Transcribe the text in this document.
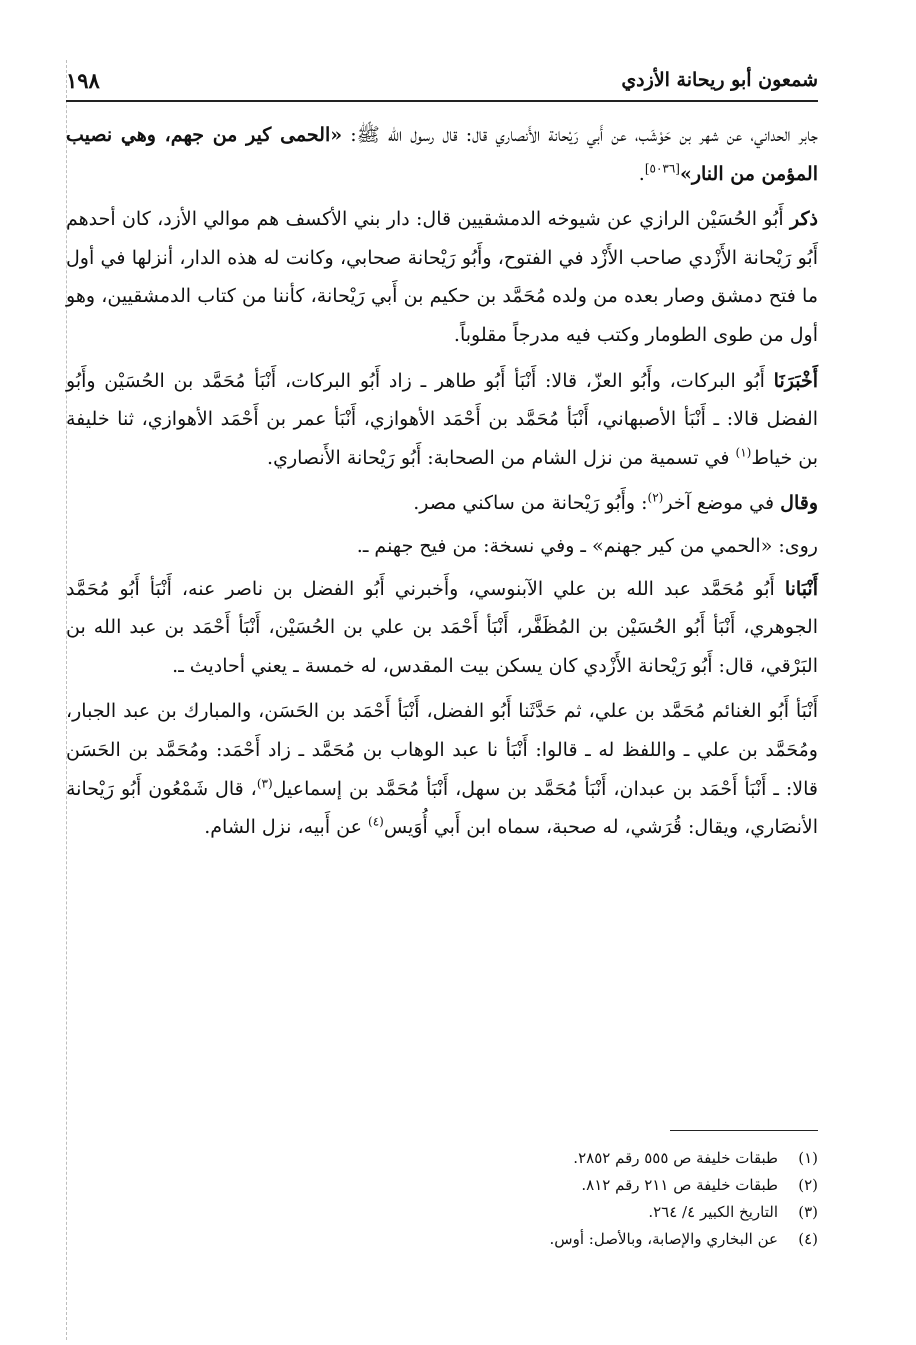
١٩٨	شمعون أبو ريحانة الأزدي

جابر الحداني، عن شهر بن حَوْشَب، عن أَبي رَيْحانة الأَنصاري قال: قال رسول الله ﷺ: «الحمى كير من جهم، وهي نصيب المؤمن من النار»[٥٠٣٦].

ذكر أَبُو الحُسَيْن الرازي عن شيوخه الدمشقيين قال: دار بني الأكسف هم موالي الأزد، كان أحدهم أَبُو رَيْحانة الأَزْدي صاحب الأَزْد في الفتوح، وأَبُو رَيْحانة صحابي، وكانت له هذه الدار، أنزلها في أول ما فتح دمشق وصار بعده من ولده مُحَمَّد بن حكيم بن أَبي رَيْحانة، كأننا من كتاب الدمشقيين، وهو أول من طوى الطومار وكتب فيه مدرجاً مقلوباً.

أَخْبَرَنَا أَبُو البركات، وأَبُو العزّ، قالا: أَنْبَأ أَبُو طاهر ـ زاد أَبُو البركات، أَنْبَأ مُحَمَّد بن الحُسَيْن وأَبُو الفضل قالا: ـ أَنْبَأ الأصبهاني، أَنْبَأ مُحَمَّد بن أَحْمَد الأهوازي، أَنْبَأ عمر بن أَحْمَد الأهوازي، ثنا خليفة بن خياط$^{(١)}$ في تسمية من نزل الشام من الصحابة: أَبُو رَيْحانة الأَنصاري.

وقال في موضع آخر$^{(٢)}$: وأَبُو رَيْحانة من ساكني مصر.

روى: «الحمي من كير جهنم» ـ وفي نسخة: من فيح جهنم ـ.

أَنْبَانا أَبُو مُحَمَّد عبد الله بن علي الآبنوسي، وأَخبرني أَبُو الفضل بن ناصر عنه، أَنْبَأ أَبُو مُحَمَّد الجوهري، أَنْبَأ أَبُو الحُسَيْن بن المُظَفَّر، أَنْبَأ أَحْمَد بن علي بن الحُسَيْن، أَنْبَأ أَحْمَد بن عبد الله بن البَرْقي، قال: أَبُو رَيْحانة الأَزْدي كان يسكن بيت المقدس، له خمسة ـ يعني أحاديث ـ.

أَنْبَأ أَبُو الغنائم مُحَمَّد بن علي، ثم حَدَّثَنا أَبُو الفضل، أَنْبَأ أَحْمَد بن الحَسَن، والمبارك بن عبد الجبار، ومُحَمَّد بن علي ـ واللفظ له ـ قالوا: أَنْبَأ نا عبد الوهاب بن مُحَمَّد ـ زاد أَحْمَد: ومُحَمَّد بن الحَسَن قالا: ـ أَنْبَأ أَحْمَد بن عبدان، أَنْبَأ مُحَمَّد بن سهل، أَنْبَأ مُحَمَّد بن إسماعيل$^{(٣)}$، قال شَمْعُون أَبُو رَيْحانة الأنصَاري، ويقال: قُرَشي، له صحبة، سماه ابن أَبي أُوَيس$^{(٤)}$ عن أَبيه، نزل الشام.

(١)
طبقات خليفة ص ٥٥٥ رقم ٢٨٥٢.
(٢)
طبقات خليفة ص ٢١١ رقم ٨١٢.
(٣)
التاريخ الكبير ٤/ ٢٦٤.
(٤)
عن البخاري والإصابة، وبالأصل: أوس.
